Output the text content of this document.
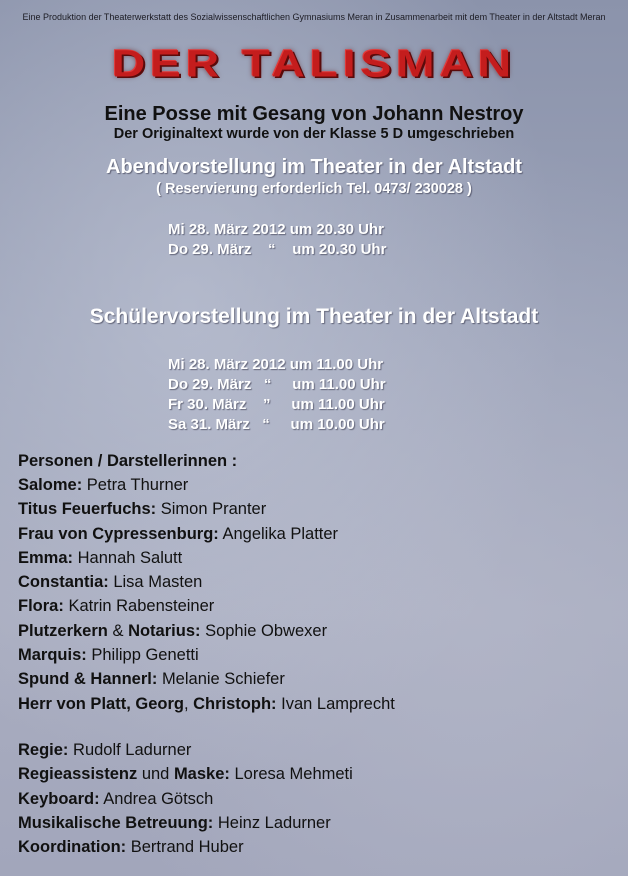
Eine Produktion der Theaterwerkstatt des Sozialwissenschaftlichen Gymnasiums Meran in Zusammenarbeit mit dem Theater in der Altstadt Meran
DER TALISMAN
Eine Posse mit Gesang von Johann Nestroy
Der Originaltext wurde von der Klasse 5 D umgeschrieben
Abendvorstellung im Theater in der Altstadt
( Reservierung erforderlich Tel. 0473/ 230028 )
Mi 28. März 2012 um 20.30 Uhr
Do 29. März    “    um 20.30 Uhr
Schülervorstellung im Theater in der Altstadt
Mi 28. März 2012 um 11.00 Uhr
Do 29. März   “     um 11.00 Uhr
Fr 30. März    ”     um 11.00 Uhr
Sa 31. März   “     um 10.00 Uhr
Personen / Darstellerinnen :
Salome: Petra Thurner
Titus Feuerfuchs: Simon Pranter
Frau von Cypressenburg: Angelika Platter
Emma: Hannah Salutt
Constantia: Lisa Masten
Flora: Katrin Rabensteiner
Plutzerkern & Notarius: Sophie Obwexer
Marquis: Philipp Genetti
Spund & Hannerl: Melanie Schiefer
Herr von Platt, Georg, Christoph: Ivan Lamprecht
Regie: Rudolf Ladurner
Regieassistenz und Maske: Loresa Mehmeti
Keyboard: Andrea Götsch
Musikalische Betreuung: Heinz Ladurner
Koordination: Bertrand Huber
